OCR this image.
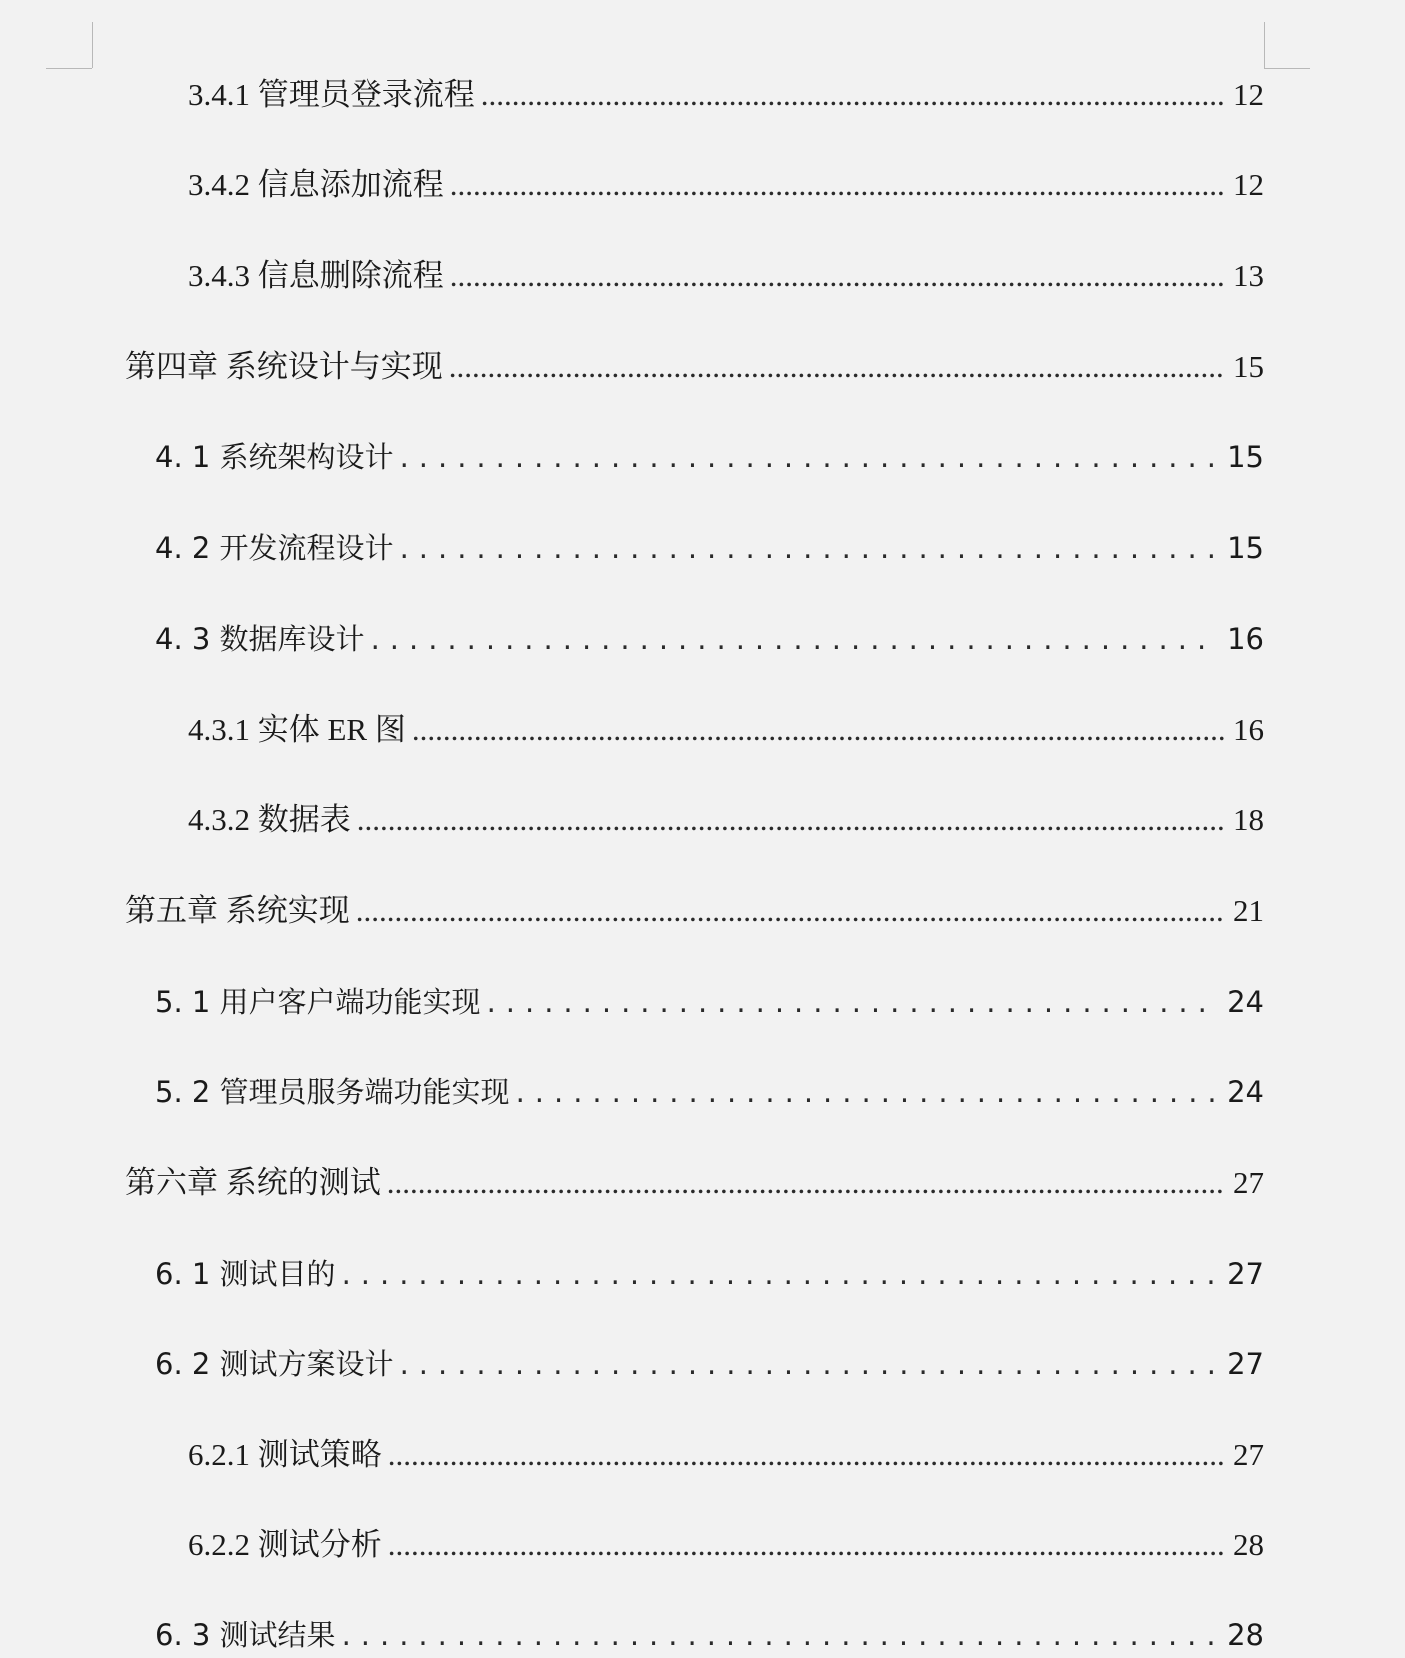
3.4.1 管理员登录流程 .....	12
3.4.2 信息添加流程 .....	12
3.4.3 信息删除流程 .....	13
第四章 系统设计与实现 .....	15
4. 1 系统架构设计 .....	15
4. 2 开发流程设计 .....	15
4. 3 数据库设计 .....	16
4.3.1 实体 ER 图 .....	16
4.3.2 数据表 .....	18
第五章 系统实现 .....	21
5. 1 用户客户端功能实现 .....	24
5. 2 管理员服务端功能实现 .....	24
第六章 系统的测试 .....	27
6. 1 测试目的 .....	27
6. 2 测试方案设计 .....	27
6.2.1 测试策略 .....	27
6.2.2 测试分析 .....	28
6. 3 测试结果 .....	28
